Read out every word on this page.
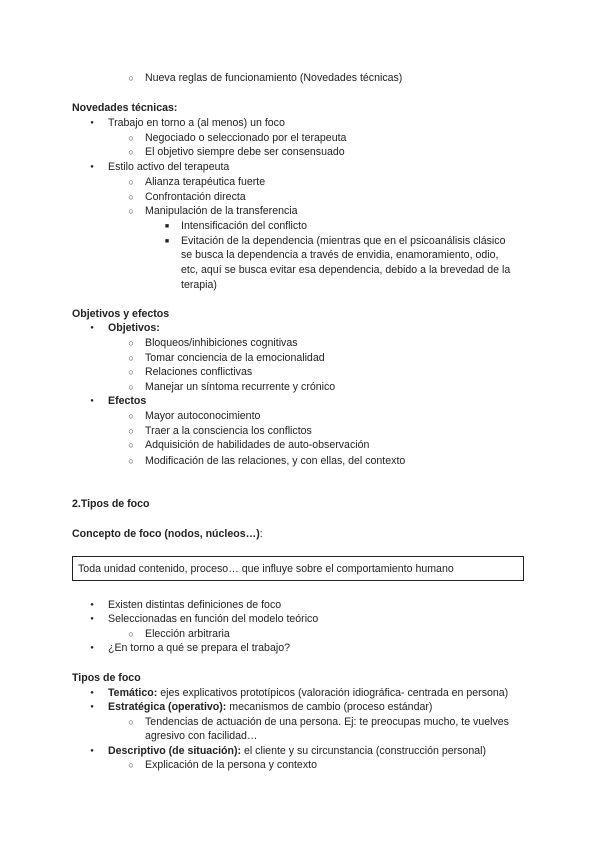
○
Nueva reglas de funcionamiento (Novedades técnicas)
Novedades técnicas:
●
Trabajo en torno a (al menos) un foco
○
Negociado o seleccionado por el terapeuta
○
El objetivo siempre debe ser consensuado
●
Estilo activo del terapeuta
○
Alianza terapéutica fuerte
○
Confrontación directa
○
Manipulación de la transferencia
■
Intensificación del conflicto
■
Evitación de la dependencia (mientras que en el psicoanálisis clásico
se busca la dependencia a través de envidia, enamoramiento, odio,
etc, aquí se busca evitar esa dependencia, debido a la brevedad de la
terapia)
Objetivos y efectos
●
Objetivos:
○
Bloqueos/inhibiciones cognitivas
○
Tomar conciencia de la emocionalidad
○
Relaciones conflictivas
○
Manejar un síntoma recurrente y crónico
●
Efectos
○
Mayor autoconocimiento
○
Traer a la consciencia los conflictos
○
Adquisición de habilidades de auto-observación
○
Modificación de las relaciones, y con ellas, del contexto
2.Tipos de foco
Concepto de foco (nodos, núcleos…):
Toda unidad contenido, proceso… que influye sobre el comportamiento humano
●
Existen distintas definiciones de foco
●
Seleccionadas en función del modelo teórico
○
Elección arbitraria
●
¿En torno a qué se prepara el trabajo?
Tipos de foco
●
Temático: ejes explicativos prototípicos (valoración idiográfica- centrada en persona)
●
Estratégica (operativo): mecanismos de cambio (proceso estándar)
○
Tendencias de actuación de una persona. Ej: te preocupas mucho, te vuelves
agresivo con facilidad…
●
Descriptivo (de situación): el cliente y su circunstancia (construcción personal)
○
Explicación de la persona y contexto
